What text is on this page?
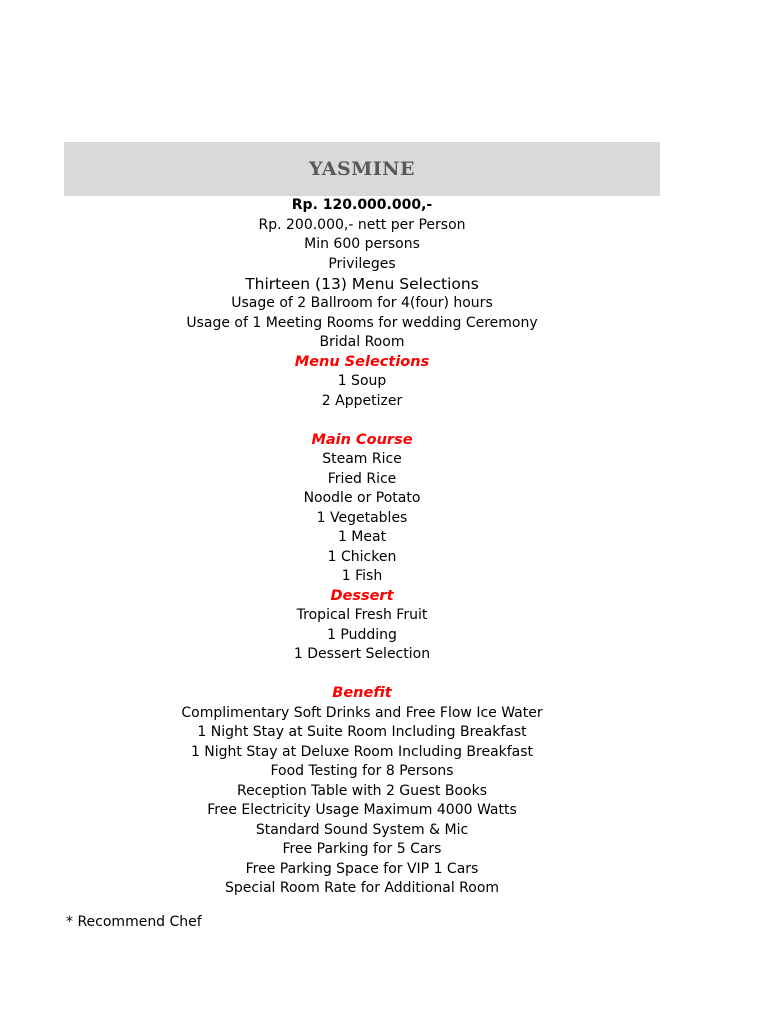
YASMINE
Rp. 120.000.000,-
Rp. 200.000,- nett per Person
Min 600 persons
Privileges
Thirteen (13) Menu Selections
Usage of 2 Ballroom for 4(four) hours
Usage of 1 Meeting Rooms for wedding Ceremony
Bridal Room
Menu Selections
1 Soup
2 Appetizer
Main Course
Steam Rice
Fried Rice
Noodle or Potato
1 Vegetables
1 Meat
1 Chicken
1 Fish
Dessert
Tropical Fresh Fruit
1 Pudding
1 Dessert Selection
Benefit
Complimentary Soft Drinks and Free Flow Ice Water
1 Night Stay at Suite Room Including Breakfast
1 Night Stay at Deluxe Room Including Breakfast
Food Testing for 8 Persons
Reception Table with 2 Guest Books
Free Electricity Usage Maximum 4000 Watts
Standard Sound System & Mic
Free Parking for 5 Cars
Free Parking Space for VIP 1 Cars
Special Room Rate for Additional Room
* Recommend Chef
